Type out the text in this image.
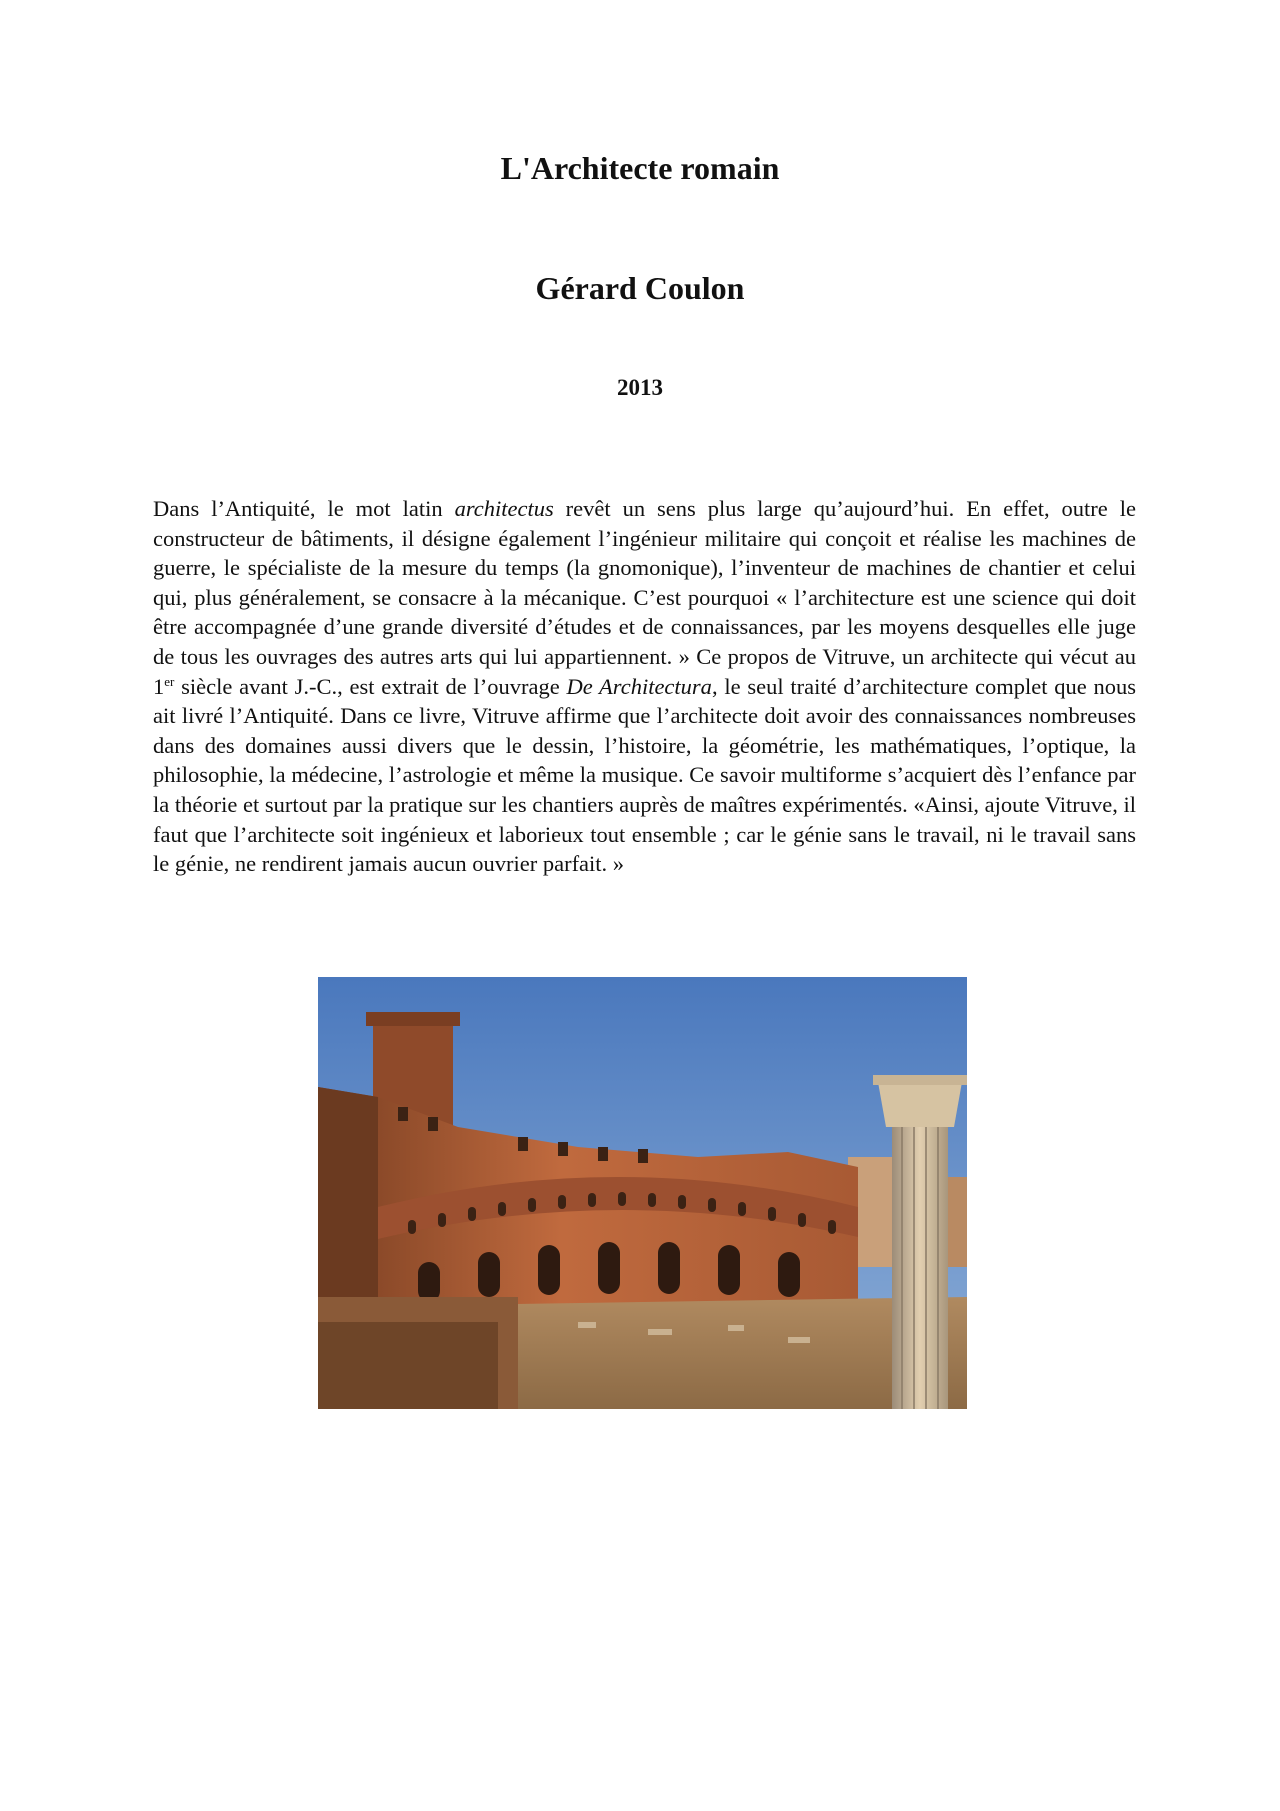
L'Architecte romain
Gérard Coulon
2013

Dans l’Antiquité, le mot latin architectus revêt un sens plus large qu’aujourd’hui. En effet, outre le constructeur de bâtiments, il désigne également l’ingénieur militaire qui conçoit et réalise les machines de guerre, le spécialiste de la mesure du temps (la gnomonique), l’inventeur de machines de chantier et celui qui, plus généralement, se consacre à la mécanique. C’est pourquoi « l’architecture est une science qui doit être accompagnée d’une grande diversité d’études et de connaissances, par les moyens desquelles elle juge de tous les ouvrages des autres arts qui lui appartiennent. » Ce propos de Vitruve, un architecte qui vécut au 1er siècle avant J.-C., est extrait de l’ouvrage De Architectura, le seul traité d’architecture complet que nous ait livré l’Antiquité. Dans ce livre, Vitruve affirme que l’architecte doit avoir des connaissances nombreuses dans des domaines aussi divers que le dessin, l’histoire, la géométrie, les mathématiques, l’optique, la philosophie, la médecine, l’astrologie et même la musique. Ce savoir multiforme s’acquiert dès l’enfance par la théorie et surtout par la pratique sur les chantiers auprès de maîtres expérimentés. «Ainsi, ajoute Vitruve, il faut que l’architecte soit ingénieux et laborieux tout ensemble ; car le génie sans le travail, ni le travail sans le génie, ne rendirent jamais aucun ouvrier parfait. »
